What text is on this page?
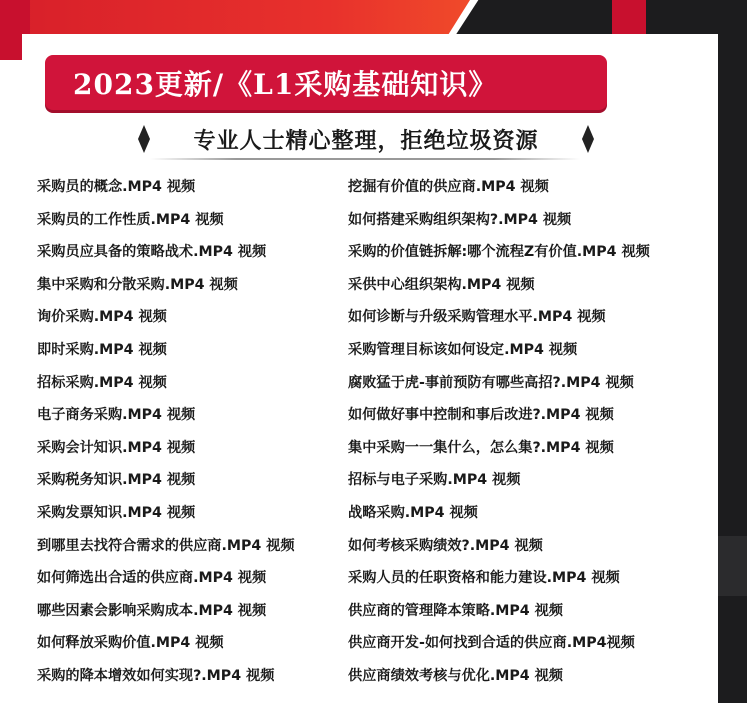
2023更新/《L1采购基础知识》
专业人士精心整理，拒绝垃圾资源
采购员的概念.MP4 视频
采购员的工作性质.MP4 视频
采购员应具备的策略战术.MP4 视频
集中采购和分散采购.MP4 视频
询价采购.MP4 视频
即时采购.MP4 视频
招标采购.MP4 视频
电子商务采购.MP4 视频
采购会计知识.MP4 视频
采购税务知识.MP4 视频
采购发票知识.MP4 视频
到哪里去找符合需求的供应商.MP4 视频
如何筛选出合适的供应商.MP4 视频
哪些因素会影响采购成本.MP4 视频
如何释放采购价值.MP4 视频
采购的降本增效如何实现?.MP4 视频
挖掘有价值的供应商.MP4 视频
如何搭建采购组织架构?.MP4 视频
采购的价值链拆解:哪个流程Z有价值.MP4 视频
采供中心组织架构.MP4 视频
如何诊断与升级采购管理水平.MP4 视频
采购管理目标该如何设定.MP4 视频
腐败猛于虎-事前预防有哪些高招?.MP4 视频
如何做好事中控制和事后改进?.MP4 视频
集中采购一一集什么，怎么集?.MP4 视频
招标与电子采购.MP4 视频
战略采购.MP4 视频
如何考核采购绩效?.MP4 视频
采购人员的任职资格和能力建设.MP4 视频
供应商的管理降本策略.MP4 视频
供应商开发-如何找到合适的供应商.MP4视频
供应商绩效考核与优化.MP4 视频
